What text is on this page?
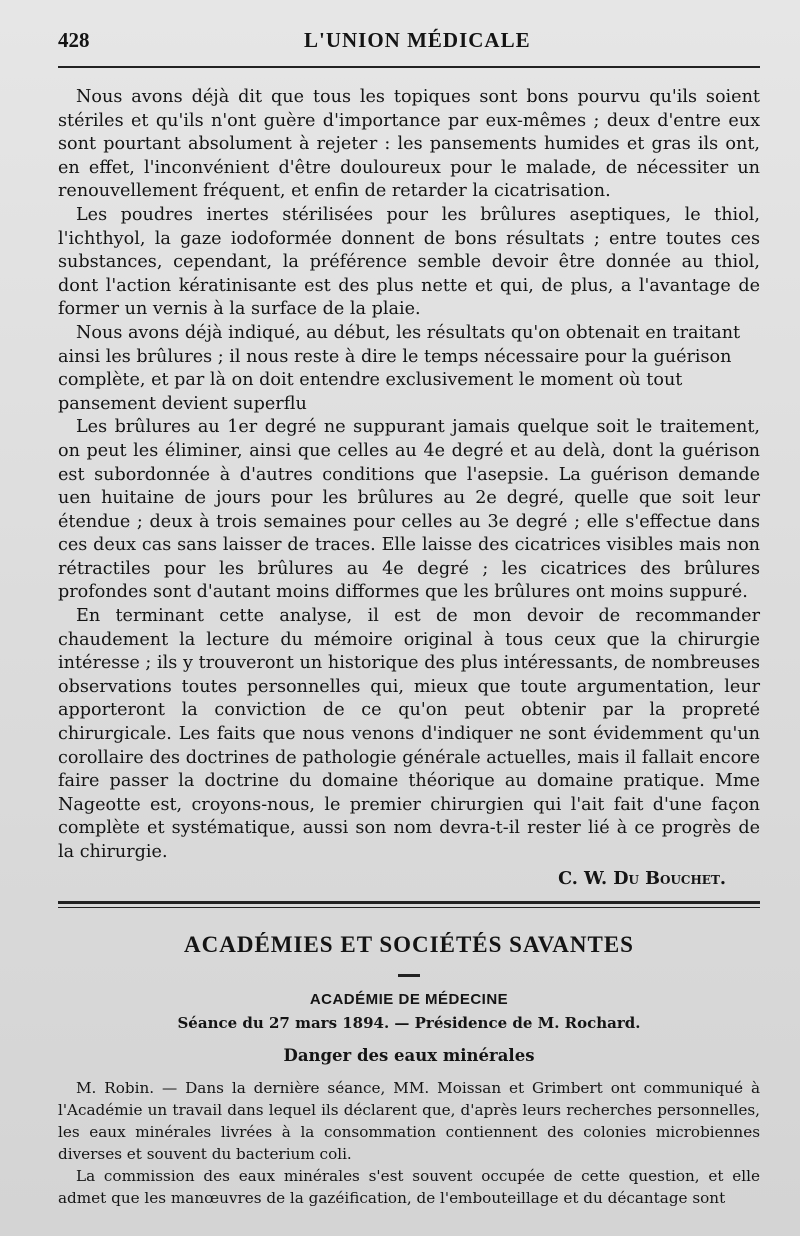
428	L'UNION MÉDICALE

Nous avons déjà dit que tous les topiques sont bons pourvu qu'ils soient stériles et qu'ils n'ont guère d'importance par eux-mêmes ; deux d'entre eux sont pourtant absolument à rejeter : les pansements humides et gras ils ont, en effet, l'inconvénient d'être douloureux pour le malade, de nécessiter un renouvellement fréquent, et enfin de retarder la cicatrisation.

Les poudres inertes stérilisées pour les brûlures aseptiques, le thiol, l'ichthyol, la gaze iodoformée donnent de bons résultats ; entre toutes ces substances, cependant, la préférence semble devoir être donnée au thiol, dont l'action kératinisante est des plus nette et qui, de plus, a l'avantage de former un vernis à la surface de la plaie.

Nous avons déjà indiqué, au début, les résultats qu'on obtenait en traitant ainsi les brûlures ; il nous reste à dire le temps nécessaire pour la guérison complète, et par là on doit entendre exclusivement le moment où tout pansement devient superflu

Les brûlures au 1er degré ne suppurant jamais quelque soit le traitement, on peut les éliminer, ainsi que celles au 4e degré et au delà, dont la guérison est subordonnée à d'autres conditions que l'asepsie. La guérison demande uen huitaine de jours pour les brûlures au 2e degré, quelle que soit leur étendue ; deux à trois semaines pour celles au 3e degré ; elle s'effectue dans ces deux cas sans laisser de traces. Elle laisse des cicatrices visibles mais non rétractiles pour les brûlures au 4e degré ; les cicatrices des brûlures profondes sont d'autant moins difformes que les brûlures ont moins suppuré.

En terminant cette analyse, il est de mon devoir de recommander chaudement la lecture du mémoire original à tous ceux que la chirurgie intéresse ; ils y trouveront un historique des plus intéressants, de nombreuses observations toutes personnelles qui, mieux que toute argumentation, leur apporteront la conviction de ce qu'on peut obtenir par la propreté chirurgicale. Les faits que nous venons d'indiquer ne sont évidemment qu'un corollaire des doctrines de pathologie générale actuelles, mais il fallait encore faire passer la doctrine du domaine théorique au domaine pratique. Mme Nageotte est, croyons-nous, le premier chirurgien qui l'ait fait d'une façon complète et systématique, aussi son nom devra-t-il rester lié à ce progrès de la chirurgie.

C. W. Du Bouchet.
ACADÉMIES ET SOCIÉTÉS SAVANTES
ACADÉMIE DE MÉDECINE
Séance du 27 mars 1894. — Présidence de M. Rochard.
Danger des eaux minérales

M. Robin. — Dans la dernière séance, MM. Moissan et Grimbert ont communiqué à l'Académie un travail dans lequel ils déclarent que, d'après leurs recherches personnelles, les eaux minérales livrées à la consommation contiennent des colonies microbiennes diverses et souvent du bacterium coli.

La commission des eaux minérales s'est souvent occupée de cette question, et elle admet que les manœuvres de la gazéification, de l'embouteillage et du décantage sont
